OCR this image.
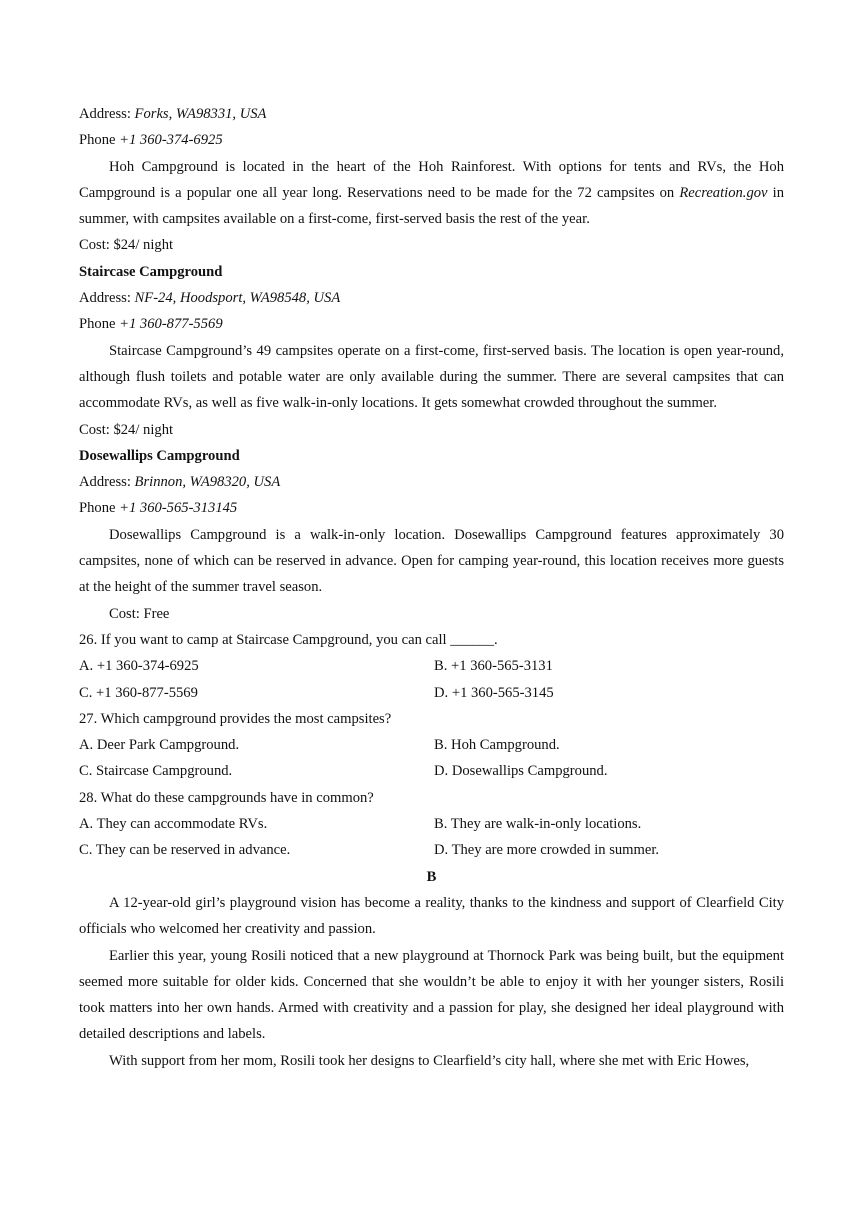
Address: Forks, WA98331, USA
Phone +1 360-374-6925
Hoh Campground is located in the heart of the Hoh Rainforest. With options for tents and RVs, the Hoh Campground is a popular one all year long. Reservations need to be made for the 72 campsites on Recreation.gov in summer, with campsites available on a first-come, first-served basis the rest of the year.
Cost: $24/ night
Staircase Campground
Address: NF-24, Hoodsport, WA98548, USA
Phone +1 360-877-5569
Staircase Campground’s 49 campsites operate on a first-come, first-served basis. The location is open year-round, although flush toilets and potable water are only available during the summer. There are several campsites that can accommodate RVs, as well as five walk-in-only locations. It gets somewhat crowded throughout the summer.
Cost: $24/ night
Dosewallips Campground
Address: Brinnon, WA98320, USA
Phone +1 360-565-313145
Dosewallips Campground is a walk-in-only location. Dosewallips Campground features approximately 30 campsites, none of which can be reserved in advance. Open for camping year-round, this location receives more guests at the height of the summer travel season.
Cost: Free
26. If you want to camp at Staircase Campground, you can call ______.
A. +1 360-374-6925	B. +1 360-565-3131
C. +1 360-877-5569	D. +1 360-565-3145
27. Which campground provides the most campsites?
A. Deer Park Campground.	B. Hoh Campground.
C. Staircase Campground.	D. Dosewallips Campground.
28. What do these campgrounds have in common?
A. They can accommodate RVs.	B. They are walk-in-only locations.
C. They can be reserved in advance.	D. They are more crowded in summer.
B
A 12-year-old girl’s playground vision has become a reality, thanks to the kindness and support of Clearfield City officials who welcomed her creativity and passion.
Earlier this year, young Rosili noticed that a new playground at Thornock Park was being built, but the equipment seemed more suitable for older kids. Concerned that she wouldn’t be able to enjoy it with her younger sisters, Rosili took matters into her own hands. Armed with creativity and a passion for play, she designed her ideal playground with detailed descriptions and labels.
With support from her mom, Rosili took her designs to Clearfield’s city hall, where she met with Eric Howes,
